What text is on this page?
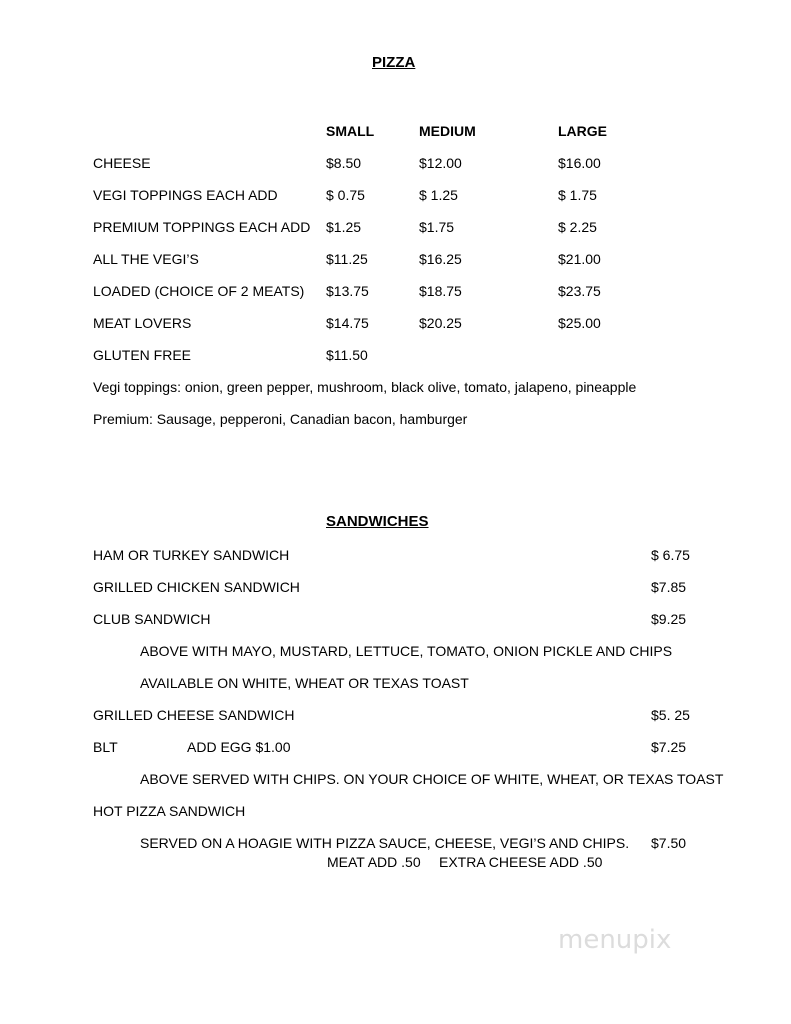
PIZZA
SMALL	MEDIUM	LARGE
CHEESE	$8.50	$12.00	$16.00
VEGI TOPPINGS EACH ADD	$ 0.75	$ 1.25	$ 1.75
PREMIUM TOPPINGS EACH ADD $1.25	$1.75	$ 2.25
ALL THE VEGI’S	$11.25	$16.25	$21.00
LOADED (CHOICE OF 2 MEATS) $13.75	$18.75	$23.75
MEAT LOVERS	$14.75	$20.25	$25.00
GLUTEN FREE	$11.50
Vegi toppings: onion, green pepper, mushroom, black olive, tomato, jalapeno, pineapple
Premium: Sausage, pepperoni, Canadian bacon, hamburger
SANDWICHES
HAM OR TURKEY SANDWICH	$ 6.75
GRILLED CHICKEN SANDWICH	$7.85
CLUB SANDWICH	$9.25
ABOVE WITH MAYO, MUSTARD, LETTUCE, TOMATO, ONION PICKLE AND CHIPS
AVAILABLE ON WHITE, WHEAT OR TEXAS TOAST
GRILLED CHEESE SANDWICH	$5. 25
BLT	ADD EGG $1.00	$7.25
ABOVE SERVED WITH CHIPS. ON YOUR CHOICE OF WHITE, WHEAT, OR TEXAS TOAST
HOT PIZZA SANDWICH
SERVED ON A HOAGIE WITH PIZZA SAUCE, CHEESE, VEGI’S AND CHIPS. $7.50
MEAT ADD .50 EXTRA CHEESE ADD .50
menupix
